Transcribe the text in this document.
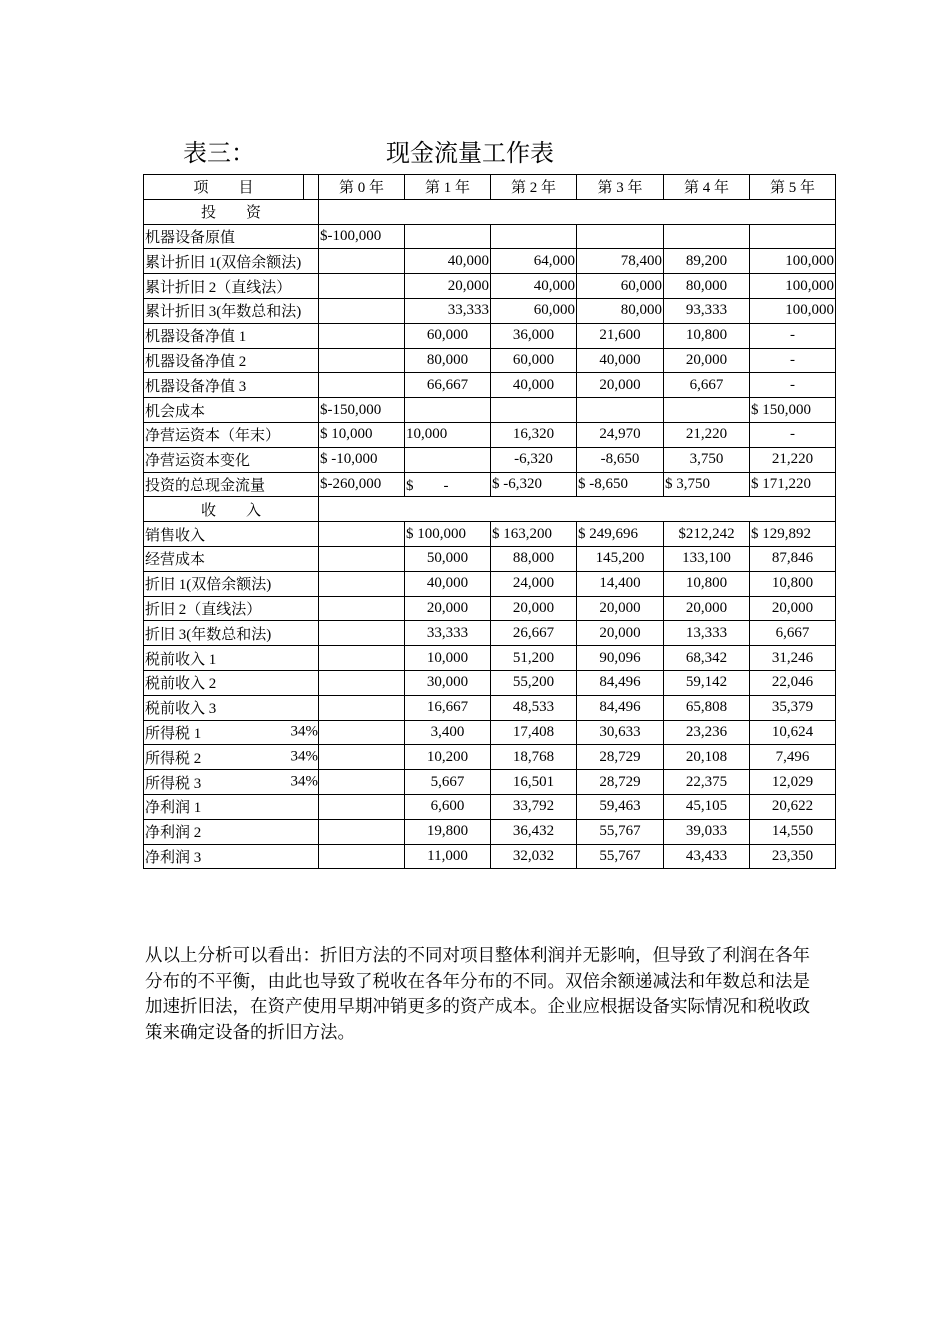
表三：	现金流量工作表
项　　目		第 0 年	第 1 年	第 2 年	第 3 年	第 4 年	第 5 年
投　　资							
机器设备原值		$-100,000					
累计折旧 1(双倍余额法)			40,000	64,000	78,400	89,200	100,000
累计折旧 2（直线法）			20,000	40,000	60,000	80,000	100,000
累计折旧 3(年数总和法)			33,333	60,000	80,000	93,333	100,000
机器设备净值 1			60,000	36,000	21,600	10,800	-
机器设备净值 2			80,000	60,000	40,000	20,000	-
机器设备净值 3			66,667	40,000	20,000	6,667	-
机会成本		$-150,000					$ 150,000
净营运资本（年末）		$ 10,000	10,000	16,320	24,970	21,220	-
净营运资本变化		$ -10,000		-6,320	-8,650	3,750	21,220
投资的总现金流量		$-260,000	$　　-	$ -6,320	$ -8,650	$ 3,750	$ 171,220
收　　入							
销售收入			$ 100,000	$ 163,200	$ 249,696	$212,242	$ 129,892
经营成本			50,000	88,000	145,200	133,100	87,846
折旧 1(双倍余额法)			40,000	24,000	14,400	10,800	10,800
折旧 2（直线法）			20,000	20,000	20,000	20,000	20,000
折旧 3(年数总和法)			33,333	26,667	20,000	13,333	6,667
税前收入 1			10,000	51,200	90,096	68,342	31,246
税前收入 2			30,000	55,200	84,496	59,142	22,046
税前收入 3			16,667	48,533	84,496	65,808	35,379
所得税 1 34%			3,400	17,408	30,633	23,236	10,624
所得税 2 34%			10,200	18,768	28,729	20,108	7,496
所得税 3 34%			5,667	16,501	28,729	22,375	12,029
净利润 1			6,600	33,792	59,463	45,105	20,622
净利润 2			19,800	36,432	55,767	39,033	14,550
净利润 3			11,000	32,032	55,767	43,433	23,350
从以上分析可以看出：折旧方法的不同对项目整体利润并无影响，但导致了利润在各年分布的不平衡，由此也导致了税收在各年分布的不同。双倍余额递减法和年数总和法是加速折旧法，在资产使用早期冲销更多的资产成本。企业应根据设备实际情况和税收政策来确定设备的折旧方法。
